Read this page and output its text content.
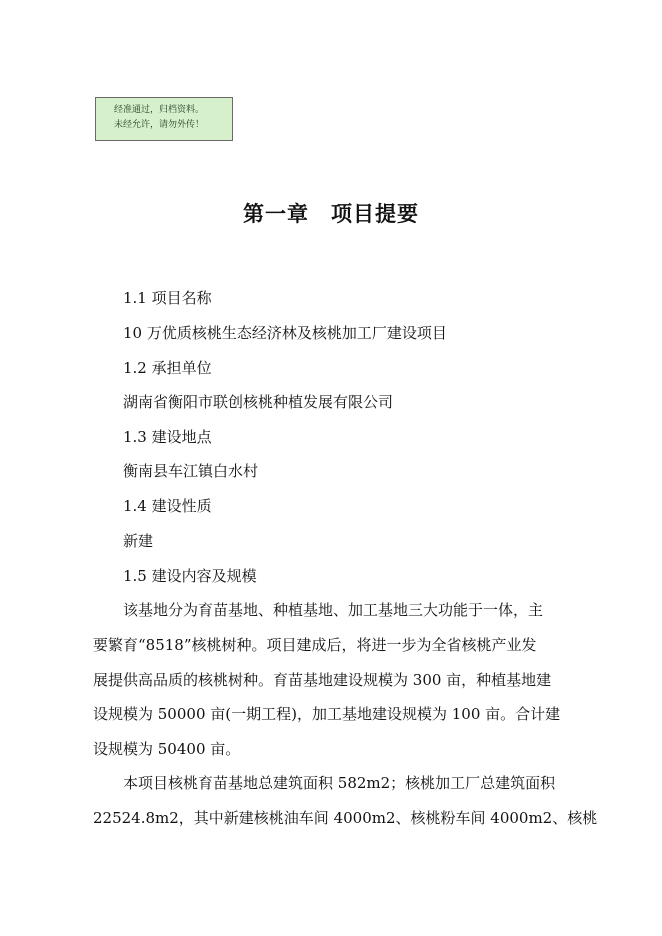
经准通过，归档资料。
未经允许，请勿外传！
第一章 项目提要
1.1 项目名称
10 万优质核桃生态经济林及核桃加工厂建设项目
1.2 承担单位
湖南省衡阳市联创核桃种植发展有限公司
1.3 建设地点
衡南县车江镇白水村
1.4 建设性质
新建
1.5 建设内容及规模
该基地分为育苗基地、种植基地、加工基地三大功能于一体，主
要繁育“8518”核桃树种。项目建成后，将进一步为全省核桃产业发
展提供高品质的核桃树种。育苗基地建设规模为 300 亩，种植基地建
设规模为 50000 亩(一期工程)，加工基地建设规模为 100 亩。合计建
设规模为 50400 亩。
本项目核桃育苗基地总建筑面积 582m2；核桃加工厂总建筑面积
22524.8m2，其中新建核桃油车间 4000m2、核桃粉车间 4000m2、核桃
